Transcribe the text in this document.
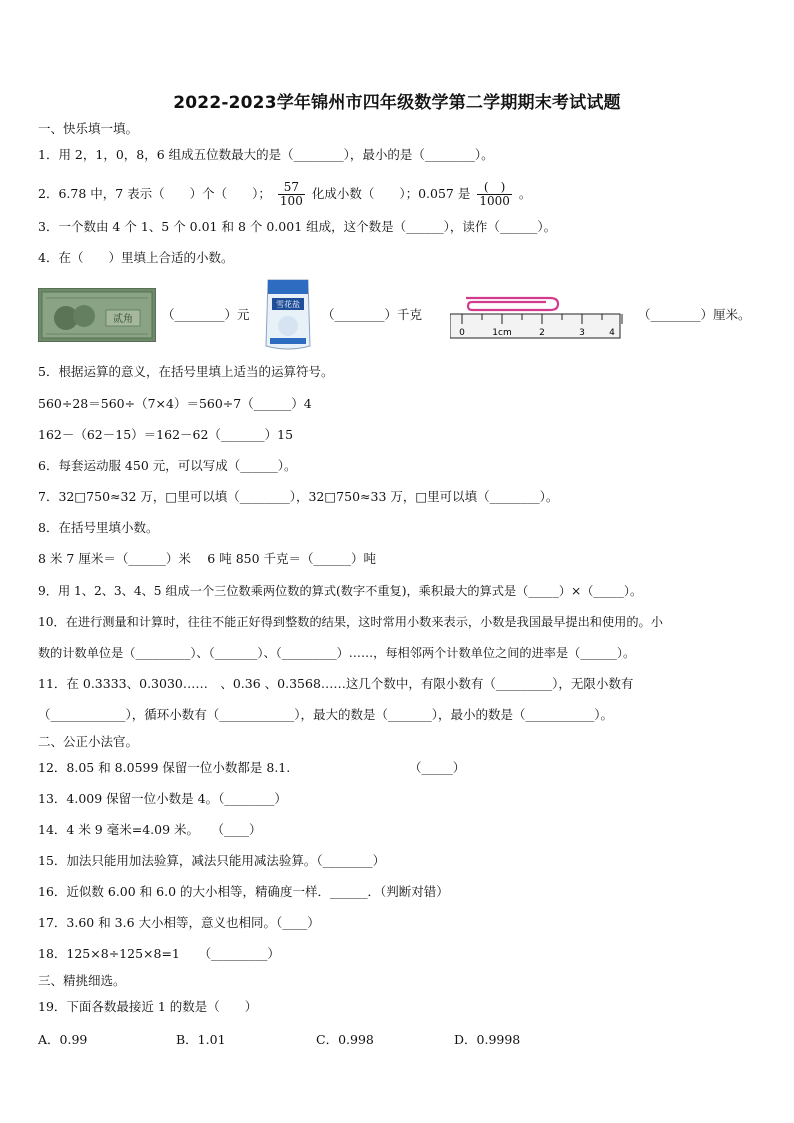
2022-2023学年锦州市四年级数学第二学期期末考试试题
一、快乐填一填。
1．用 2，1，0，8，6 组成五位数最大的是（________），最小的是（________）。
2．6.78 中，7 表示（　　）个（　　）； $\frac{57}{100}$ 化成小数（　　）；0.057 是 $\frac{( )}{1000}$ 。
3．一个数由 4 个 1、5 个 0.01 和 8 个 0.001 组成，这个数是（______），读作（______）。
4．在（　　）里填上合适的小数。
贰角 （________）元
雪花盐
（________）千克
0	1cm	2	3	4
（________）厘米。
5．根据运算的意义，在括号里填上适当的运算符号。
560÷28＝560÷（7×4）＝560÷7（______）4
162－（62－15）＝162－62（_______）15
6．每套运动服 450 元，可以写成（______）。
7．32□750≈32 万，□里可以填（________），32□750≈33 万，□里可以填（________）。
8．在括号里填小数。
8 米 7 厘米＝（______）米　 6 吨 850 千克＝（______）吨
9．用 1、2、3、4、5 组成一个三位数乘两位数的算式(数字不重复)，乘积最大的算式是（_____）×（_____）。
10．在进行测量和计算时，往往不能正好得到整数的结果，这时常用小数来表示，小数是我国最早提出和使用的。小
数的计数单位是（_________）、（_______）、（_________）……，每相邻两个计数单位之间的进率是（______）。
11．在 0.3333、0.3030……　、0.36 、0.3568……这几个数中，有限小数有（_________），无限小数有
（____________），循环小数有（____________），最大的数是（_______），最小的数是（___________）。
二、公正小法官。
12．8.05 和 8.0599 保留一位小数都是 8.1.　　　　　　　　　　（_____）
13．4.009 保留一位小数是 4。（________）
14．4 米 9 毫米=4.09 米。　　（____）
15．加法只能用加法验算，减法只能用减法验算。（________）
16．近似数 6.00 和 6.0 的大小相等，精确度一样．______．（判断对错）
17．3.60 和 3.6 大小相等，意义也相同。（____）
18．125×8÷125×8=1　　（_________）
三、精挑细选。
19．下面各数最接近 1 的数是（　　）
A．0.99	B．1.01	C．0.998	D．0.9998
